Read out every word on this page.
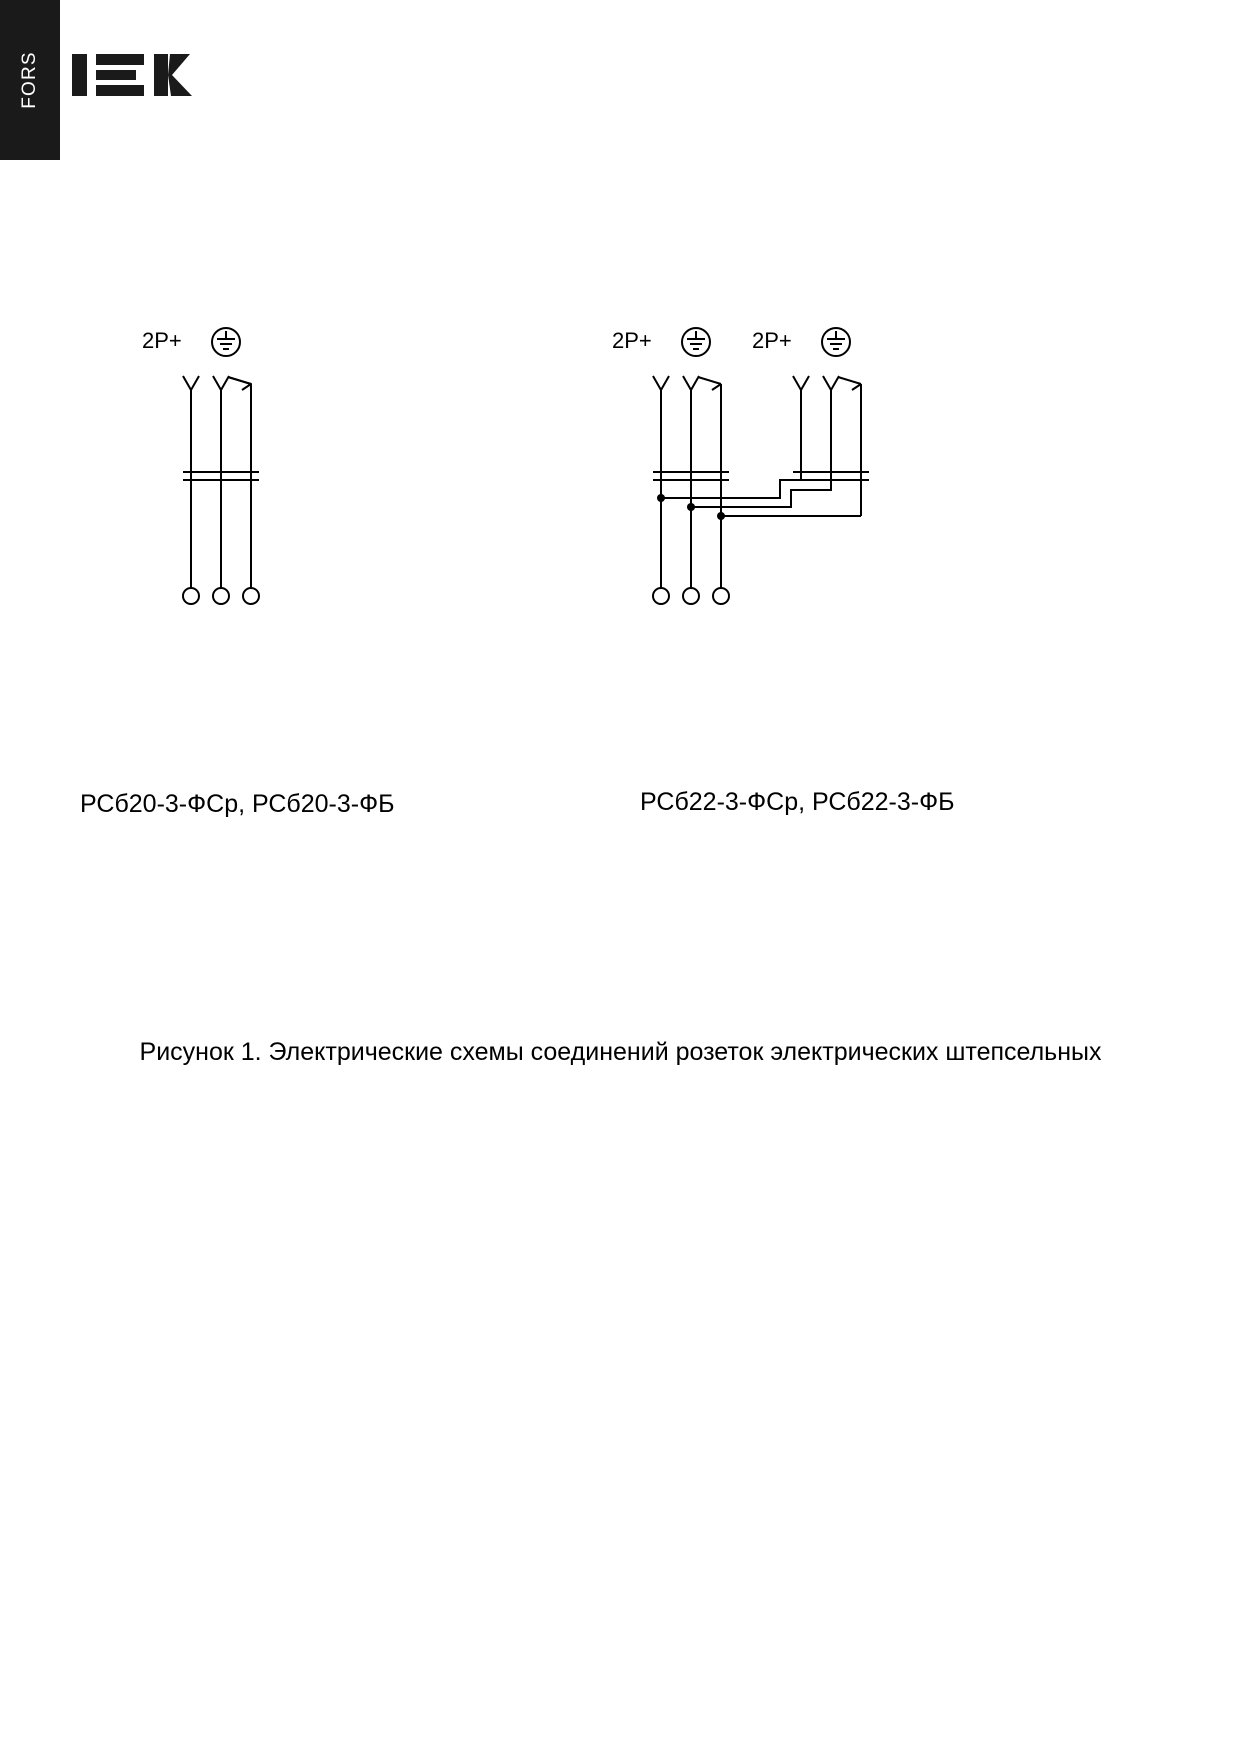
FORS
2P+	2P+	2P+
РСб20-3-ФСр, РСб20-3-ФБ	РСб22-3-ФСр, РСб22-3-ФБ
Рисунок 1. Электрические схемы соединений розеток электрических штепсельных
